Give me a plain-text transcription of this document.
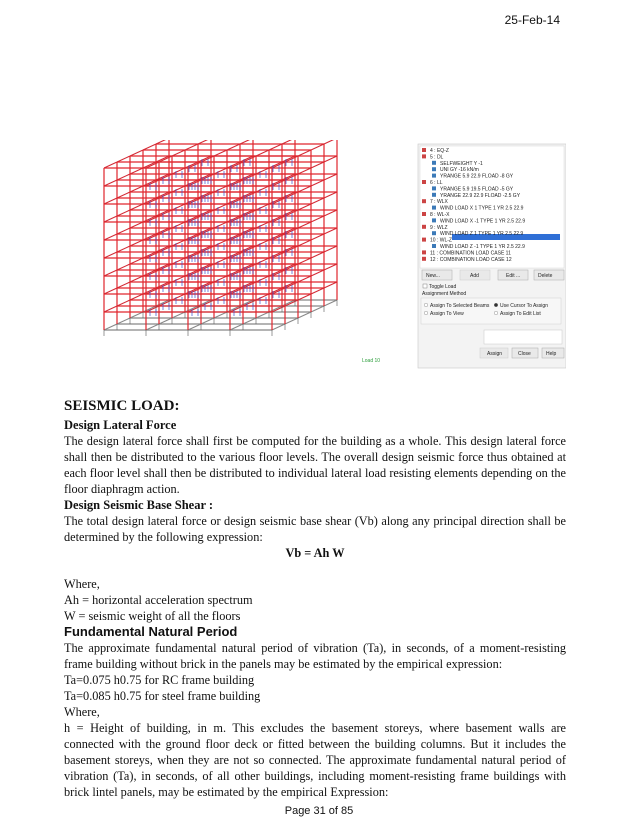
25-Feb-14
Load 10
4 : EQ-Z
5 : DL
SELFWEIGHT Y -1
UNI GY -16 kN/m
YRANGE 5.9 22.9 FLOAD -8 GY
6 : LL
YRANGE 5.9 19.5 FLOAD -5 GY
YRANGE 22.9 22.9 FLOAD -2.5 GY
7 : WLX
WIND LOAD X 1 TYPE 1 YR 2.5 22.9
8 : WL-X
WIND LOAD X -1 TYPE 1 YR 2.5 22.9
9 : WLZ
WIND LOAD Z 1 TYPE 1 YR 2.5 22.9
10 : WL-Z
WIND LOAD Z -1 TYPE 1 YR 2.5 22.9
11 : COMBINATION LOAD CASE 11
12 : COMBINATION LOAD CASE 12
New...	Add	Edit ...	Delete
Toggle Load
Assignment Method
Assign To Selected Beams
Assign To View
Use Cursor To Assign
Assign To Edit List
Assign	Close	Help
SEISMIC LOAD:
Design Lateral Force

The design lateral force shall first be computed for the building as a whole. This design lateral force shall then be distributed to the various floor levels. The overall design seismic force thus obtained at each floor level shall then be distributed to individual lateral load resisting elements depending on the floor diaphragm action.

Design Seismic Base Shear :

The total design lateral force or design seismic base shear (Vb) along any principal direction shall be determined by the following expression:

Vb = Ah W
Where,
Ah = horizontal acceleration spectrum
W = seismic weight of all the floors
Fundamental Natural Period

The approximate fundamental natural period of vibration (Ta), in seconds, of a moment-resisting frame building without brick in the panels may be estimated by the empirical expression:

Ta=0.075 h0.75 for RC frame building
Ta=0.085 h0.75 for steel frame building
Where,

h = Height of building, in m. This excludes the basement storeys, where basement walls are connected with the ground floor deck or fitted between the building columns. But it includes the basement storeys, when they are not so connected. The approximate fundamental natural period of vibration (Ta), in seconds, of all other buildings, including moment-resisting frame buildings with brick lintel panels, may be estimated by the empirical Expression:

Page 31 of 85
